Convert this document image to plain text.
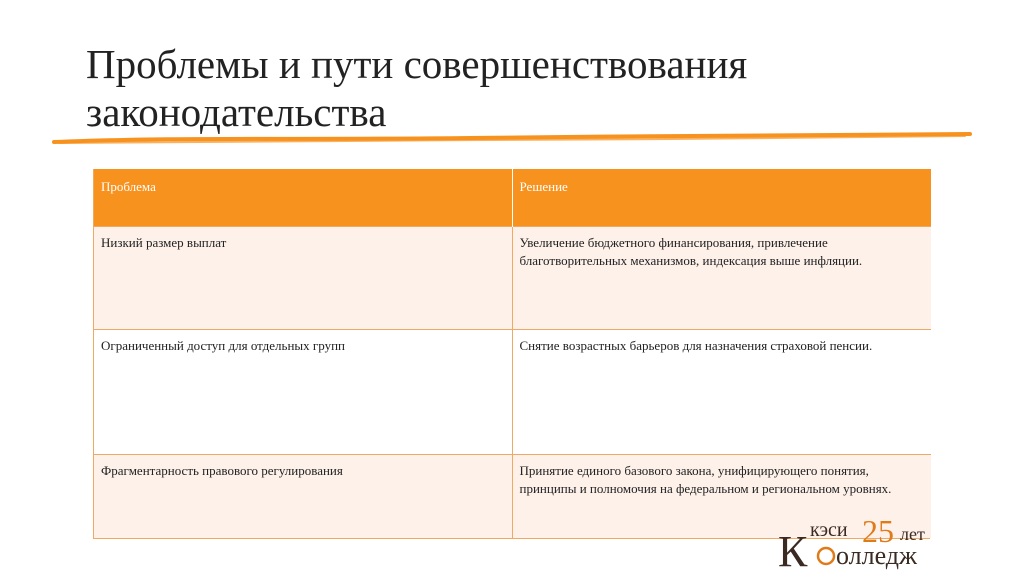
Проблемы и пути совершенствования
законодательства
Проблема	Решение
Низкий размер выплат	Увеличение бюджетного финансирования, привлечение благотворительных механизмов, индексация выше инфляции.
Ограниченный доступ для отдельных групп	Снятие возрастных барьеров для назначения страховой пенсии.
Фрагментарность правового регулирования	Принятие единого базового закона, унифицирующего понятия, принципы и полномочия на федеральном и региональном уровнях.
кэси 25 лет
К олледж
